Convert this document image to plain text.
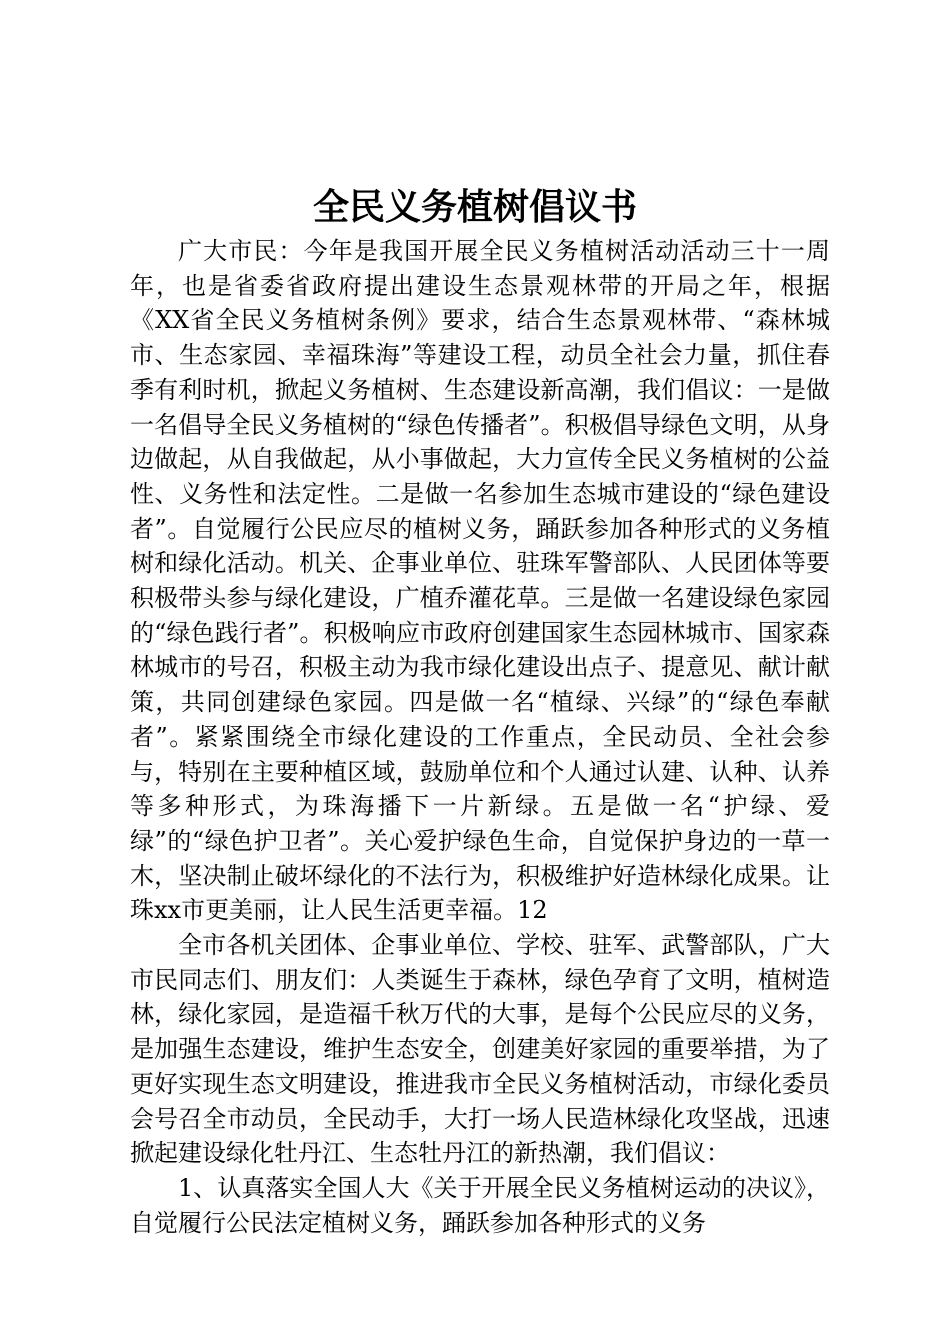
全民义务植树倡议书

广大市民：今年是我国开展全民义务植树活动活动三十一周年，也是省委省政府提出建设生态景观林带的开局之年，根据《XX省全民义务植树条例》要求，结合生态景观林带、“森林城市、生态家园、幸福珠海”等建设工程，动员全社会力量，抓住春季有利时机，掀起义务植树、生态建设新高潮，我们倡议：一是做一名倡导全民义务植树的“绿色传播者”。积极倡导绿色文明，从身边做起，从自我做起，从小事做起，大力宣传全民义务植树的公益性、义务性和法定性。二是做一名参加生态城市建设的“绿色建设者”。自觉履行公民应尽的植树义务，踊跃参加各种形式的义务植树和绿化活动。机关、企事业单位、驻珠军警部队、人民团体等要积极带头参与绿化建设，广植乔灌花草。三是做一名建设绿色家园的“绿色践行者”。积极响应市政府创建国家生态园林城市、国家森林城市的号召，积极主动为我市绿化建设出点子、提意见、献计献策，共同创建绿色家园。四是做一名“植绿、兴绿”的“绿色奉献者”。紧紧围绕全市绿化建设的工作重点，全民动员、全社会参与，特别在主要种植区域，鼓励单位和个人通过认建、认种、认养等多种形式，为珠海播下一片新绿。五是做一名“护绿、爱绿”的“绿色护卫者”。关心爱护绿色生命，自觉保护身边的一草一木，坚决制止破坏绿化的不法行为，积极维护好造林绿化成果。让珠xx市更美丽，让人民生活更幸福。12

全市各机关团体、企事业单位、学校、驻军、武警部队，广大市民同志们、朋友们：人类诞生于森林，绿色孕育了文明，植树造林，绿化家园，是造福千秋万代的大事，是每个公民应尽的义务，是加强生态建设，维护生态安全，创建美好家园的重要举措，为了更好实现生态文明建设，推进我市全民义务植树活动，市绿化委员会号召全市动员，全民动手，大打一场人民造林绿化攻坚战，迅速掀起建设绿化牡丹江、生态牡丹江的新热潮，我们倡议：

1、认真落实全国人大《关于开展全民义务植树运动的决议》，自觉履行公民法定植树义务，踊跃参加各种形式的义务
